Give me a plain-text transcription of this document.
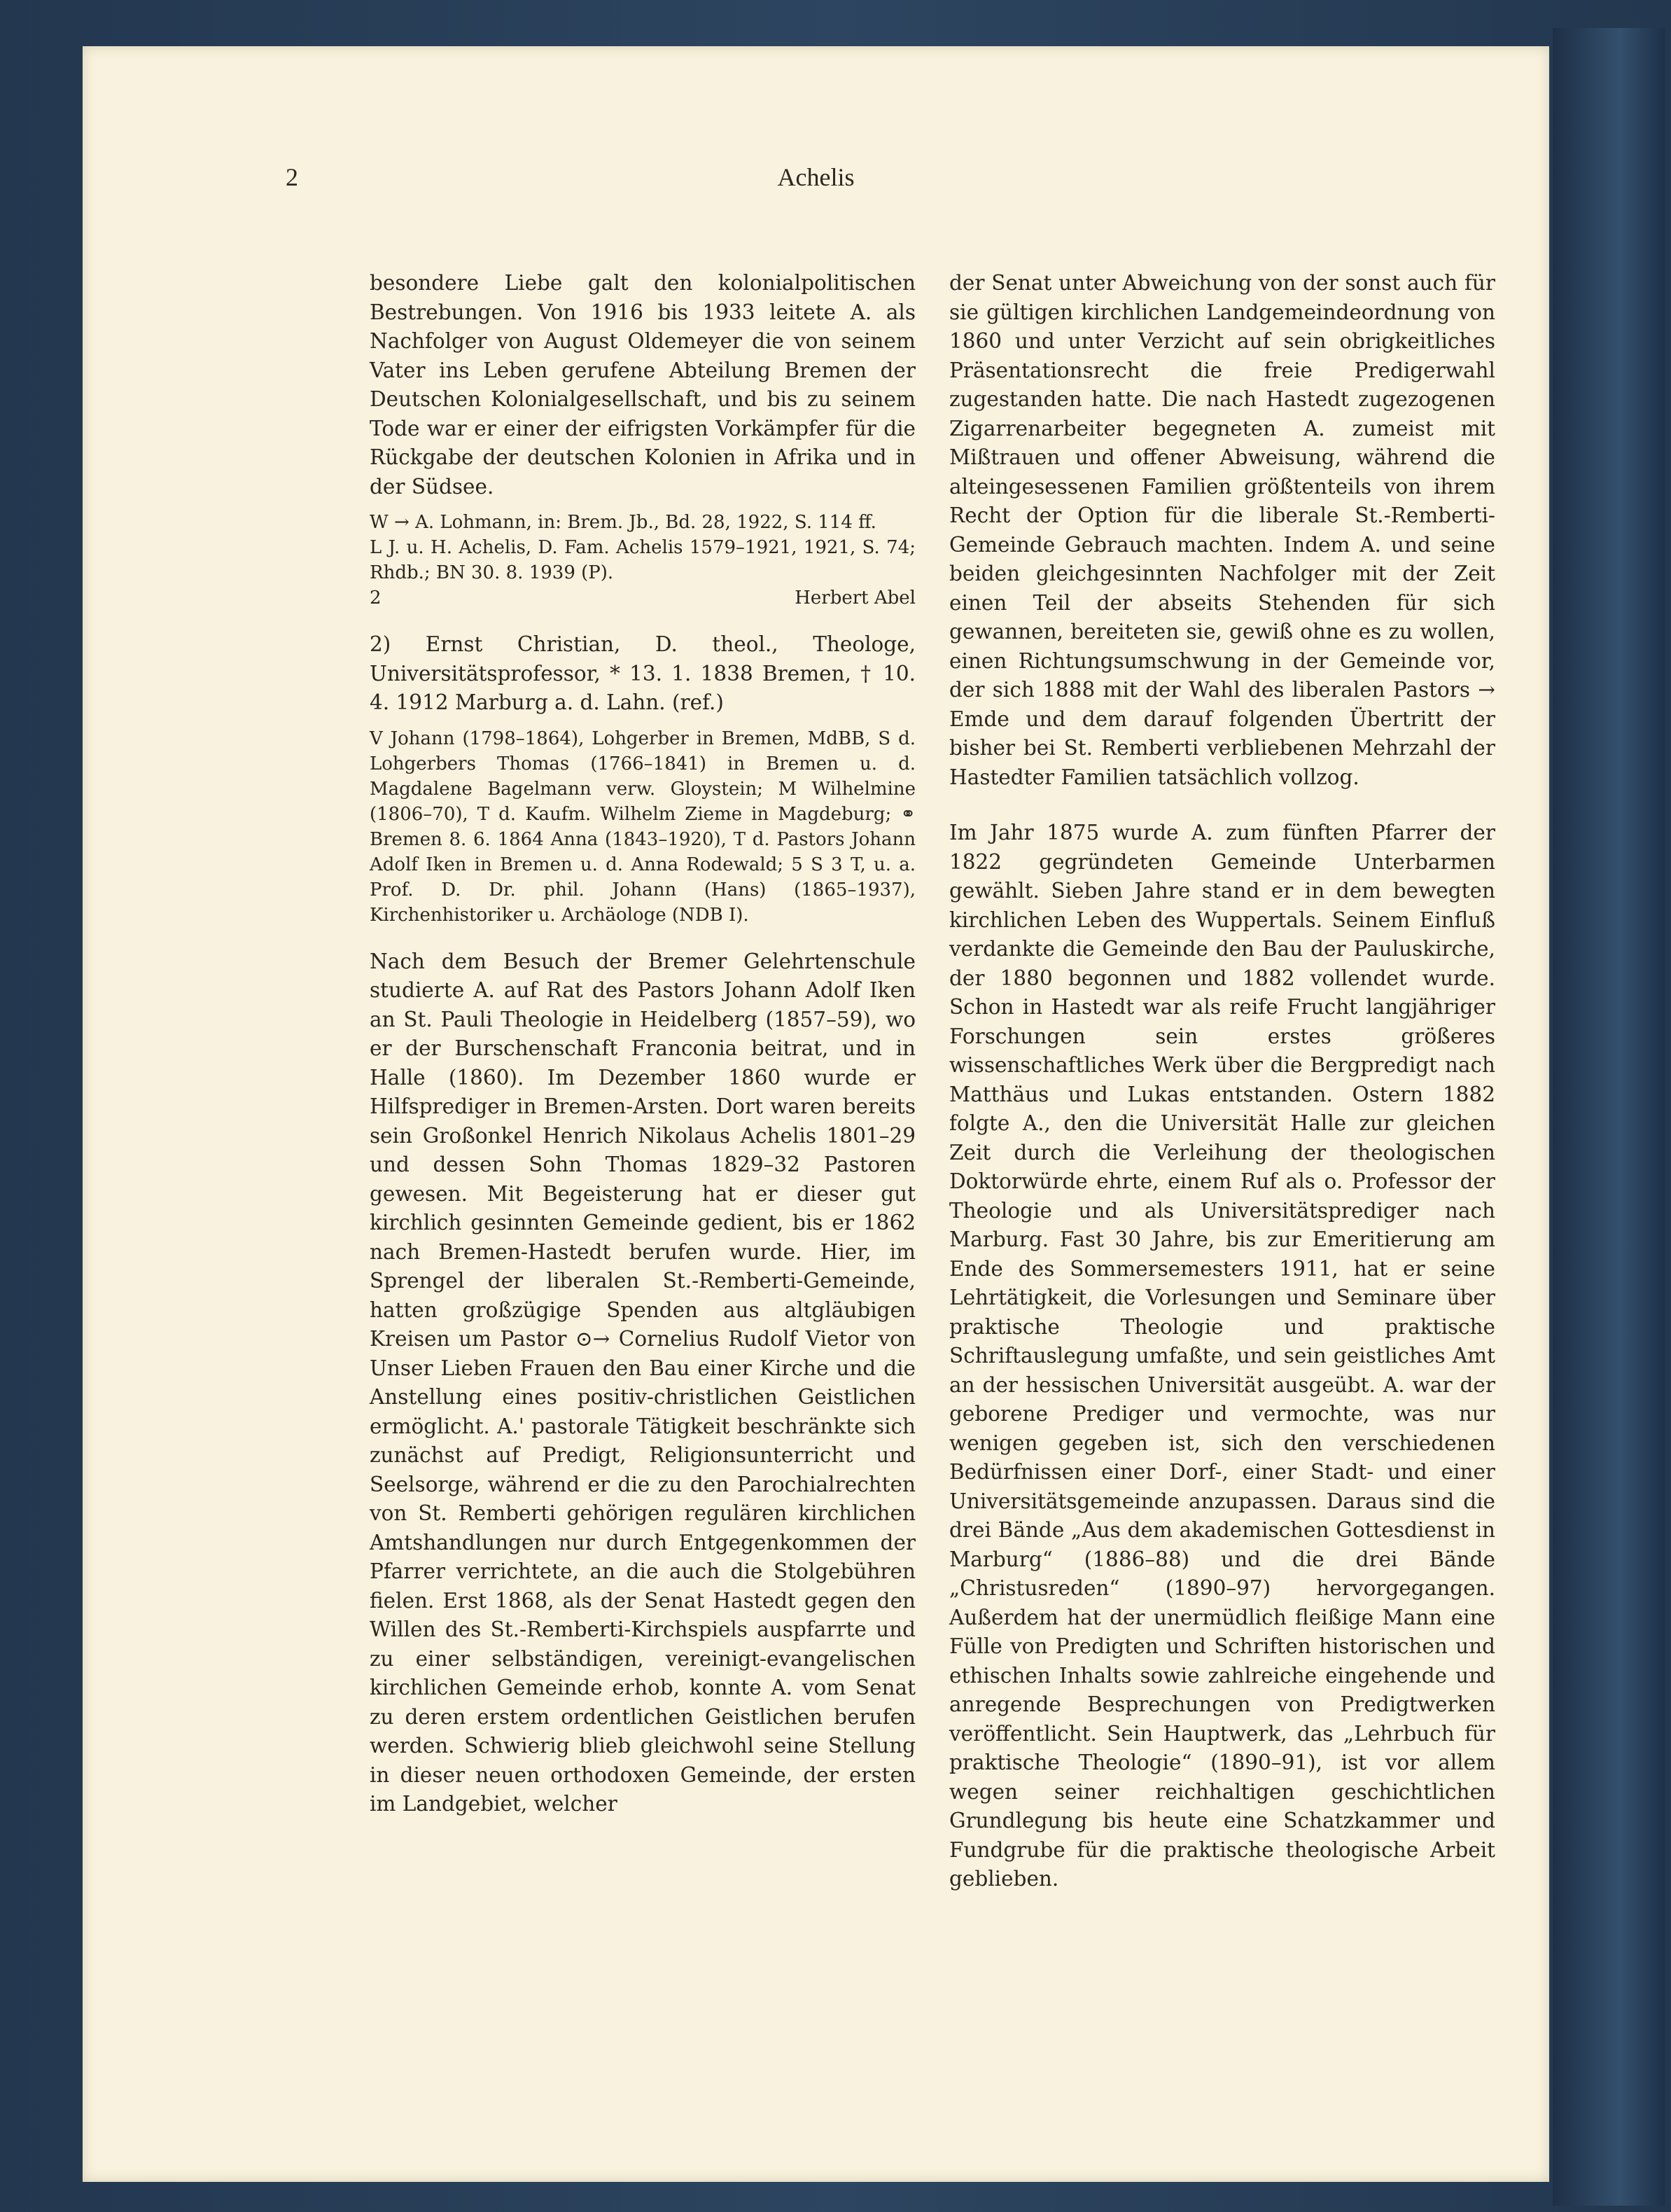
2	Achelis

besondere Liebe galt den kolonialpolitischen Bestrebungen. Von 1916 bis 1933 leitete A. als Nachfolger von August Oldemeyer die von seinem Vater ins Leben gerufene Abteilung Bremen der Deutschen Kolonialgesellschaft, und bis zu seinem Tode war er einer der eifrigsten Vorkämpfer für die Rückgabe der deutschen Kolonien in Afrika und in der Südsee.

W → A. Lohmann, in: Brem. Jb., Bd. 28, 1922, S. 114 ff.

L J. u. H. Achelis, D. Fam. Achelis 1579–1921, 1921, S. 74; Rhdb.; BN 30. 8. 1939 (P).

2	Herbert Abel

2) Ernst Christian, D. theol., Theologe, Universitätsprofessor, * 13. 1. 1838 Bremen, † 10. 4. 1912 Marburg a. d. Lahn. (ref.)

V Johann (1798–1864), Lohgerber in Bremen, MdBB, S d. Lohgerbers Thomas (1766–1841) in Bremen u. d. Magdalene Bagelmann verw. Gloystein; M Wilhelmine (1806–70), T d. Kaufm. Wilhelm Zieme in Magdeburg; ⚭ Bremen 8. 6. 1864 Anna (1843–1920), T d. Pastors Johann Adolf Iken in Bremen u. d. Anna Rodewald; 5 S 3 T, u. a. Prof. D. Dr. phil. Johann (Hans) (1865–1937), Kirchenhistoriker u. Archäologe (NDB I).

Nach dem Besuch der Bremer Gelehrtenschule studierte A. auf Rat des Pastors Johann Adolf Iken an St. Pauli Theologie in Heidelberg (1857–59), wo er der Burschenschaft Franconia beitrat, und in Halle (1860). Im Dezember 1860 wurde er Hilfsprediger in Bremen-Arsten. Dort waren bereits sein Großonkel Henrich Nikolaus Achelis 1801–29 und dessen Sohn Thomas 1829–32 Pastoren gewesen. Mit Begeisterung hat er dieser gut kirchlich gesinnten Gemeinde gedient, bis er 1862 nach Bremen-Hastedt berufen wurde. Hier, im Sprengel der liberalen St.-Remberti-Gemeinde, hatten großzügige Spenden aus altgläubigen Kreisen um Pastor ⊙→ Cornelius Rudolf Vietor von Unser Lieben Frauen den Bau einer Kirche und die Anstellung eines positiv-christlichen Geistlichen ermöglicht. A.' pastorale Tätigkeit beschränkte sich zunächst auf Predigt, Religionsunterricht und Seelsorge, während er die zu den Parochialrechten von St. Remberti gehörigen regulären kirchlichen Amtshandlungen nur durch Entgegenkommen der Pfarrer verrichtete, an die auch die Stolgebühren fielen. Erst 1868, als der Senat Hastedt gegen den Willen des St.-Remberti-Kirchspiels auspfarrte und zu einer selbständigen, vereinigt-evangelischen kirchlichen Gemeinde erhob, konnte A. vom Senat zu deren erstem ordentlichen Geistlichen berufen werden. Schwierig blieb gleichwohl seine Stellung in dieser neuen orthodoxen Gemeinde, der ersten im Landgebiet, welcher

der Senat unter Abweichung von der sonst auch für sie gültigen kirchlichen Landgemeindeordnung von 1860 und unter Verzicht auf sein obrigkeitliches Präsentationsrecht die freie Predigerwahl zugestanden hatte. Die nach Hastedt zugezogenen Zigarrenarbeiter begegneten A. zumeist mit Mißtrauen und offener Abweisung, während die alteingesessenen Familien größtenteils von ihrem Recht der Option für die liberale St.-Remberti-Gemeinde Gebrauch machten. Indem A. und seine beiden gleichgesinnten Nachfolger mit der Zeit einen Teil der abseits Stehenden für sich gewannen, bereiteten sie, gewiß ohne es zu wollen, einen Richtungsumschwung in der Gemeinde vor, der sich 1888 mit der Wahl des liberalen Pastors → Emde und dem darauf folgenden Übertritt der bisher bei St. Remberti verbliebenen Mehrzahl der Hastedter Familien tatsächlich vollzog.

Im Jahr 1875 wurde A. zum fünften Pfarrer der 1822 gegründeten Gemeinde Unterbarmen gewählt. Sieben Jahre stand er in dem bewegten kirchlichen Leben des Wuppertals. Seinem Einfluß verdankte die Gemeinde den Bau der Pauluskirche, der 1880 begonnen und 1882 vollendet wurde. Schon in Hastedt war als reife Frucht langjähriger Forschungen sein erstes größeres wissenschaftliches Werk über die Bergpredigt nach Matthäus und Lukas entstanden. Ostern 1882 folgte A., den die Universität Halle zur gleichen Zeit durch die Verleihung der theologischen Doktorwürde ehrte, einem Ruf als o. Professor der Theologie und als Universitätsprediger nach Marburg. Fast 30 Jahre, bis zur Emeritierung am Ende des Sommersemesters 1911, hat er seine Lehrtätigkeit, die Vorlesungen und Seminare über praktische Theologie und praktische Schriftauslegung umfaßte, und sein geistliches Amt an der hessischen Universität ausgeübt. A. war der geborene Prediger und vermochte, was nur wenigen gegeben ist, sich den verschiedenen Bedürfnissen einer Dorf-, einer Stadt- und einer Universitätsgemeinde anzupassen. Daraus sind die drei Bände „Aus dem akademischen Gottesdienst in Marburg“ (1886–88) und die drei Bände „Christusreden“ (1890–97) hervorgegangen. Außerdem hat der unermüdlich fleißige Mann eine Fülle von Predigten und Schriften historischen und ethischen Inhalts sowie zahlreiche eingehende und anregende Besprechungen von Predigtwerken veröffentlicht. Sein Hauptwerk, das „Lehrbuch für praktische Theologie“ (1890–91), ist vor allem wegen seiner reichhaltigen geschichtlichen Grundlegung bis heute eine Schatzkammer und Fundgrube für die praktische theologische Arbeit geblieben.
